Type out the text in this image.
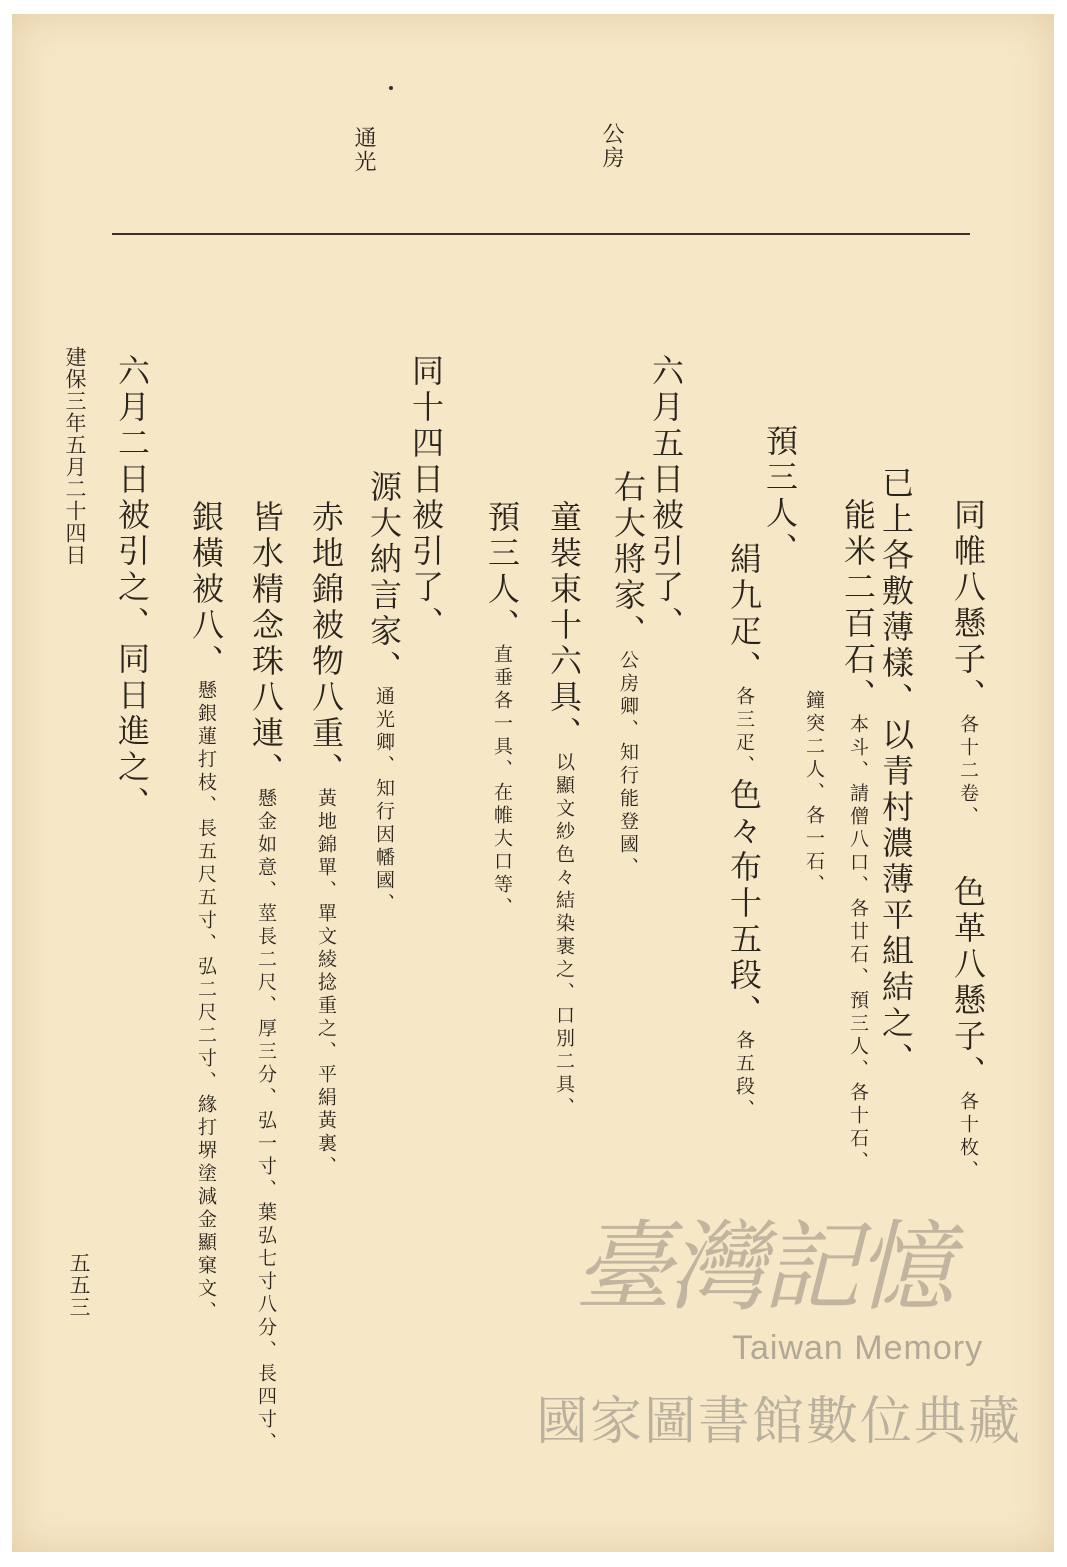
公房
通光

同帷八懸子、各十二卷、色革八懸子、各十枚、

已上各敷薄樣、以青村濃薄平組結之、

能米二百石、本斗、請僧八口、各廿石、預三人、各十石、

鐘突二人、各一石、
預三人、

絹九疋、各三疋、色々布十五段、各五段、

六月五日被引了、

右大將家、公房卿、知行能登國、

童裝束十六具、以顯文紗色々結染裹之、口別二具、

預三人、直垂各一具、在帷大口等、

同十四日被引了、

源大納言家、通光卿、知行因幡國、

赤地錦被物八重、黃地錦單、單文綾捻重之、平絹黃裏、

皆水精念珠八連、懸金如意、莖長二尺、厚三分、弘一寸、葉弘七寸八分、長四寸、

銀橫被八、懸銀蓮打枝、長五尺五寸、弘二尺二寸、緣打堺塗減金顯窠文、

六月二日被引之、同日進之、
建保三年五月二十四日
五五三	臺灣記憶
Taiwan Memory
國家圖書館數位典藏
